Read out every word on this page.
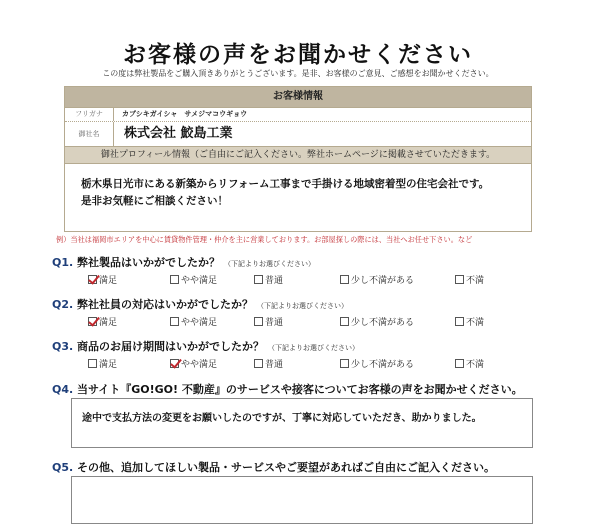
お客様の声をお聞かせください
この度は弊社製品をご購入頂きありがとうございます。是非、お客様のご意見、ご感想をお聞かせください。
お客様情報
フリガナ	カブシキガイシャ　サメジマコウギョウ
御社名	株式会社 鮫島工業
御社プロフィール情報（ご自由にご記入ください。弊社ホームページに掲載させていただきます。
栃木県日光市にある新築からリフォーム工事まで手掛ける地域密着型の住宅会社です。
是非お気軽にご相談ください！
例）当社は福岡市エリアを中心に賃貸物件管理・仲介を主に営業しております。お部屋探しの際には、当社へお任せ下さい。など
Q1. 弊社製品はいかがでしたか？ （下記よりお選びください）
満足	やや満足	普通	少し不満がある	不満
Q2. 弊社社員の対応はいかがでしたか？ （下記よりお選びください）
満足	やや満足	普通	少し不満がある	不満
Q3. 商品のお届け期間はいかがでしたか？ （下記よりお選びください）
満足	やや満足	普通	少し不満がある	不満
Q4. 当サイト『GO!GO! 不動産』のサービスや接客についてお客様の声をお聞かせください。
途中で支払方法の変更をお願いしたのですが、丁寧に対応していただき、助かりました。
Q5. その他、追加してほしい製品・サービスやご要望があればご自由にご記入ください。
